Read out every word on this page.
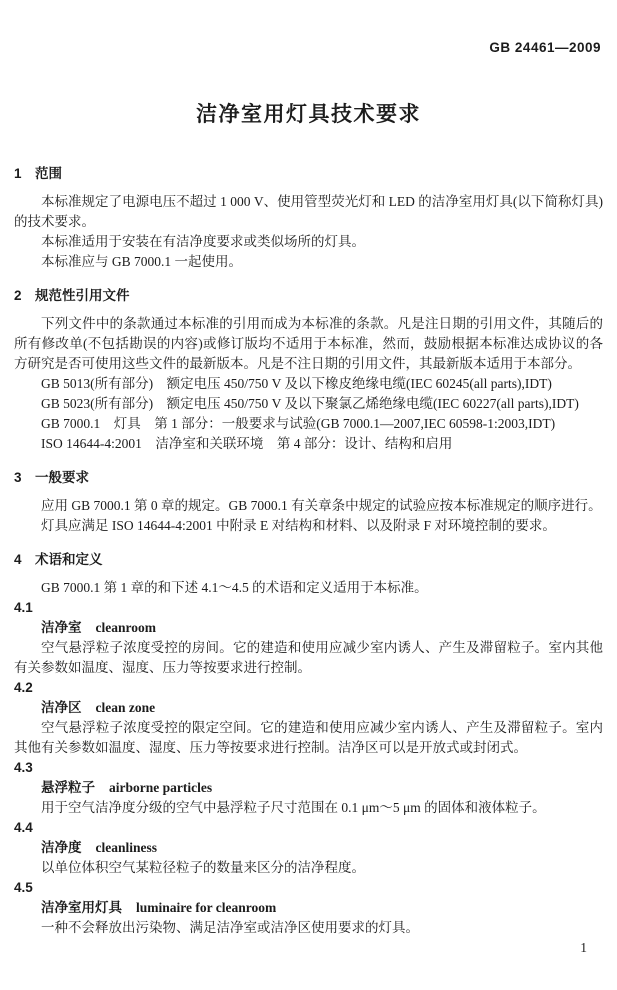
GB 24461—2009
洁净室用灯具技术要求
1 范围

本标准规定了电源电压不超过 1 000 V、使用管型荧光灯和 LED 的洁净室用灯具(以下简称灯具)的技术要求。

本标准适用于安装在有洁净度要求或类似场所的灯具。

本标准应与 GB 7000.1 一起使用。

2 规范性引用文件

下列文件中的条款通过本标准的引用而成为本标准的条款。凡是注日期的引用文件，其随后的所有修改单(不包括勘误的内容)或修订版均不适用于本标准，然而，鼓励根据本标准达成协议的各方研究是否可使用这些文件的最新版本。凡是不注日期的引用文件，其最新版本适用于本部分。

GB 5013(所有部分)　额定电压 450/750 V 及以下橡皮绝缘电缆(IEC 60245(all parts),IDT)

GB 5023(所有部分)　额定电压 450/750 V 及以下聚氯乙烯绝缘电缆(IEC 60227(all parts),IDT)

GB 7000.1　灯具　第 1 部分：一般要求与试验(GB 7000.1—2007,IEC 60598-1:2003,IDT)

ISO 14644-4:2001　洁净室和关联环境　第 4 部分：设计、结构和启用

3 一般要求

应用 GB 7000.1 第 0 章的规定。GB 7000.1 有关章条中规定的试验应按本标准规定的顺序进行。

灯具应满足 ISO 14644-4:2001 中附录 E 对结构和材料、以及附录 F 对环境控制的要求。

4 术语和定义

GB 7000.1 第 1 章的和下述 4.1～4.5 的术语和定义适用于本标准。

4.1
洁净室 cleanroom

空气悬浮粒子浓度受控的房间。它的建造和使用应减少室内诱人、产生及滞留粒子。室内其他有关参数如温度、湿度、压力等按要求进行控制。

4.2
洁净区 clean zone

空气悬浮粒子浓度受控的限定空间。它的建造和使用应减少室内诱人、产生及滞留粒子。室内其他有关参数如温度、湿度、压力等按要求进行控制。洁净区可以是开放式或封闭式。

4.3
悬浮粒子 airborne particles

用于空气洁净度分级的空气中悬浮粒子尺寸范围在 0.1 μm～5 μm 的固体和液体粒子。

4.4
洁净度 cleanliness

以单位体积空气某粒径粒子的数量来区分的洁净程度。

4.5
洁净室用灯具 luminaire for cleanroom

一种不会释放出污染物、满足洁净室或洁净区使用要求的灯具。

1
